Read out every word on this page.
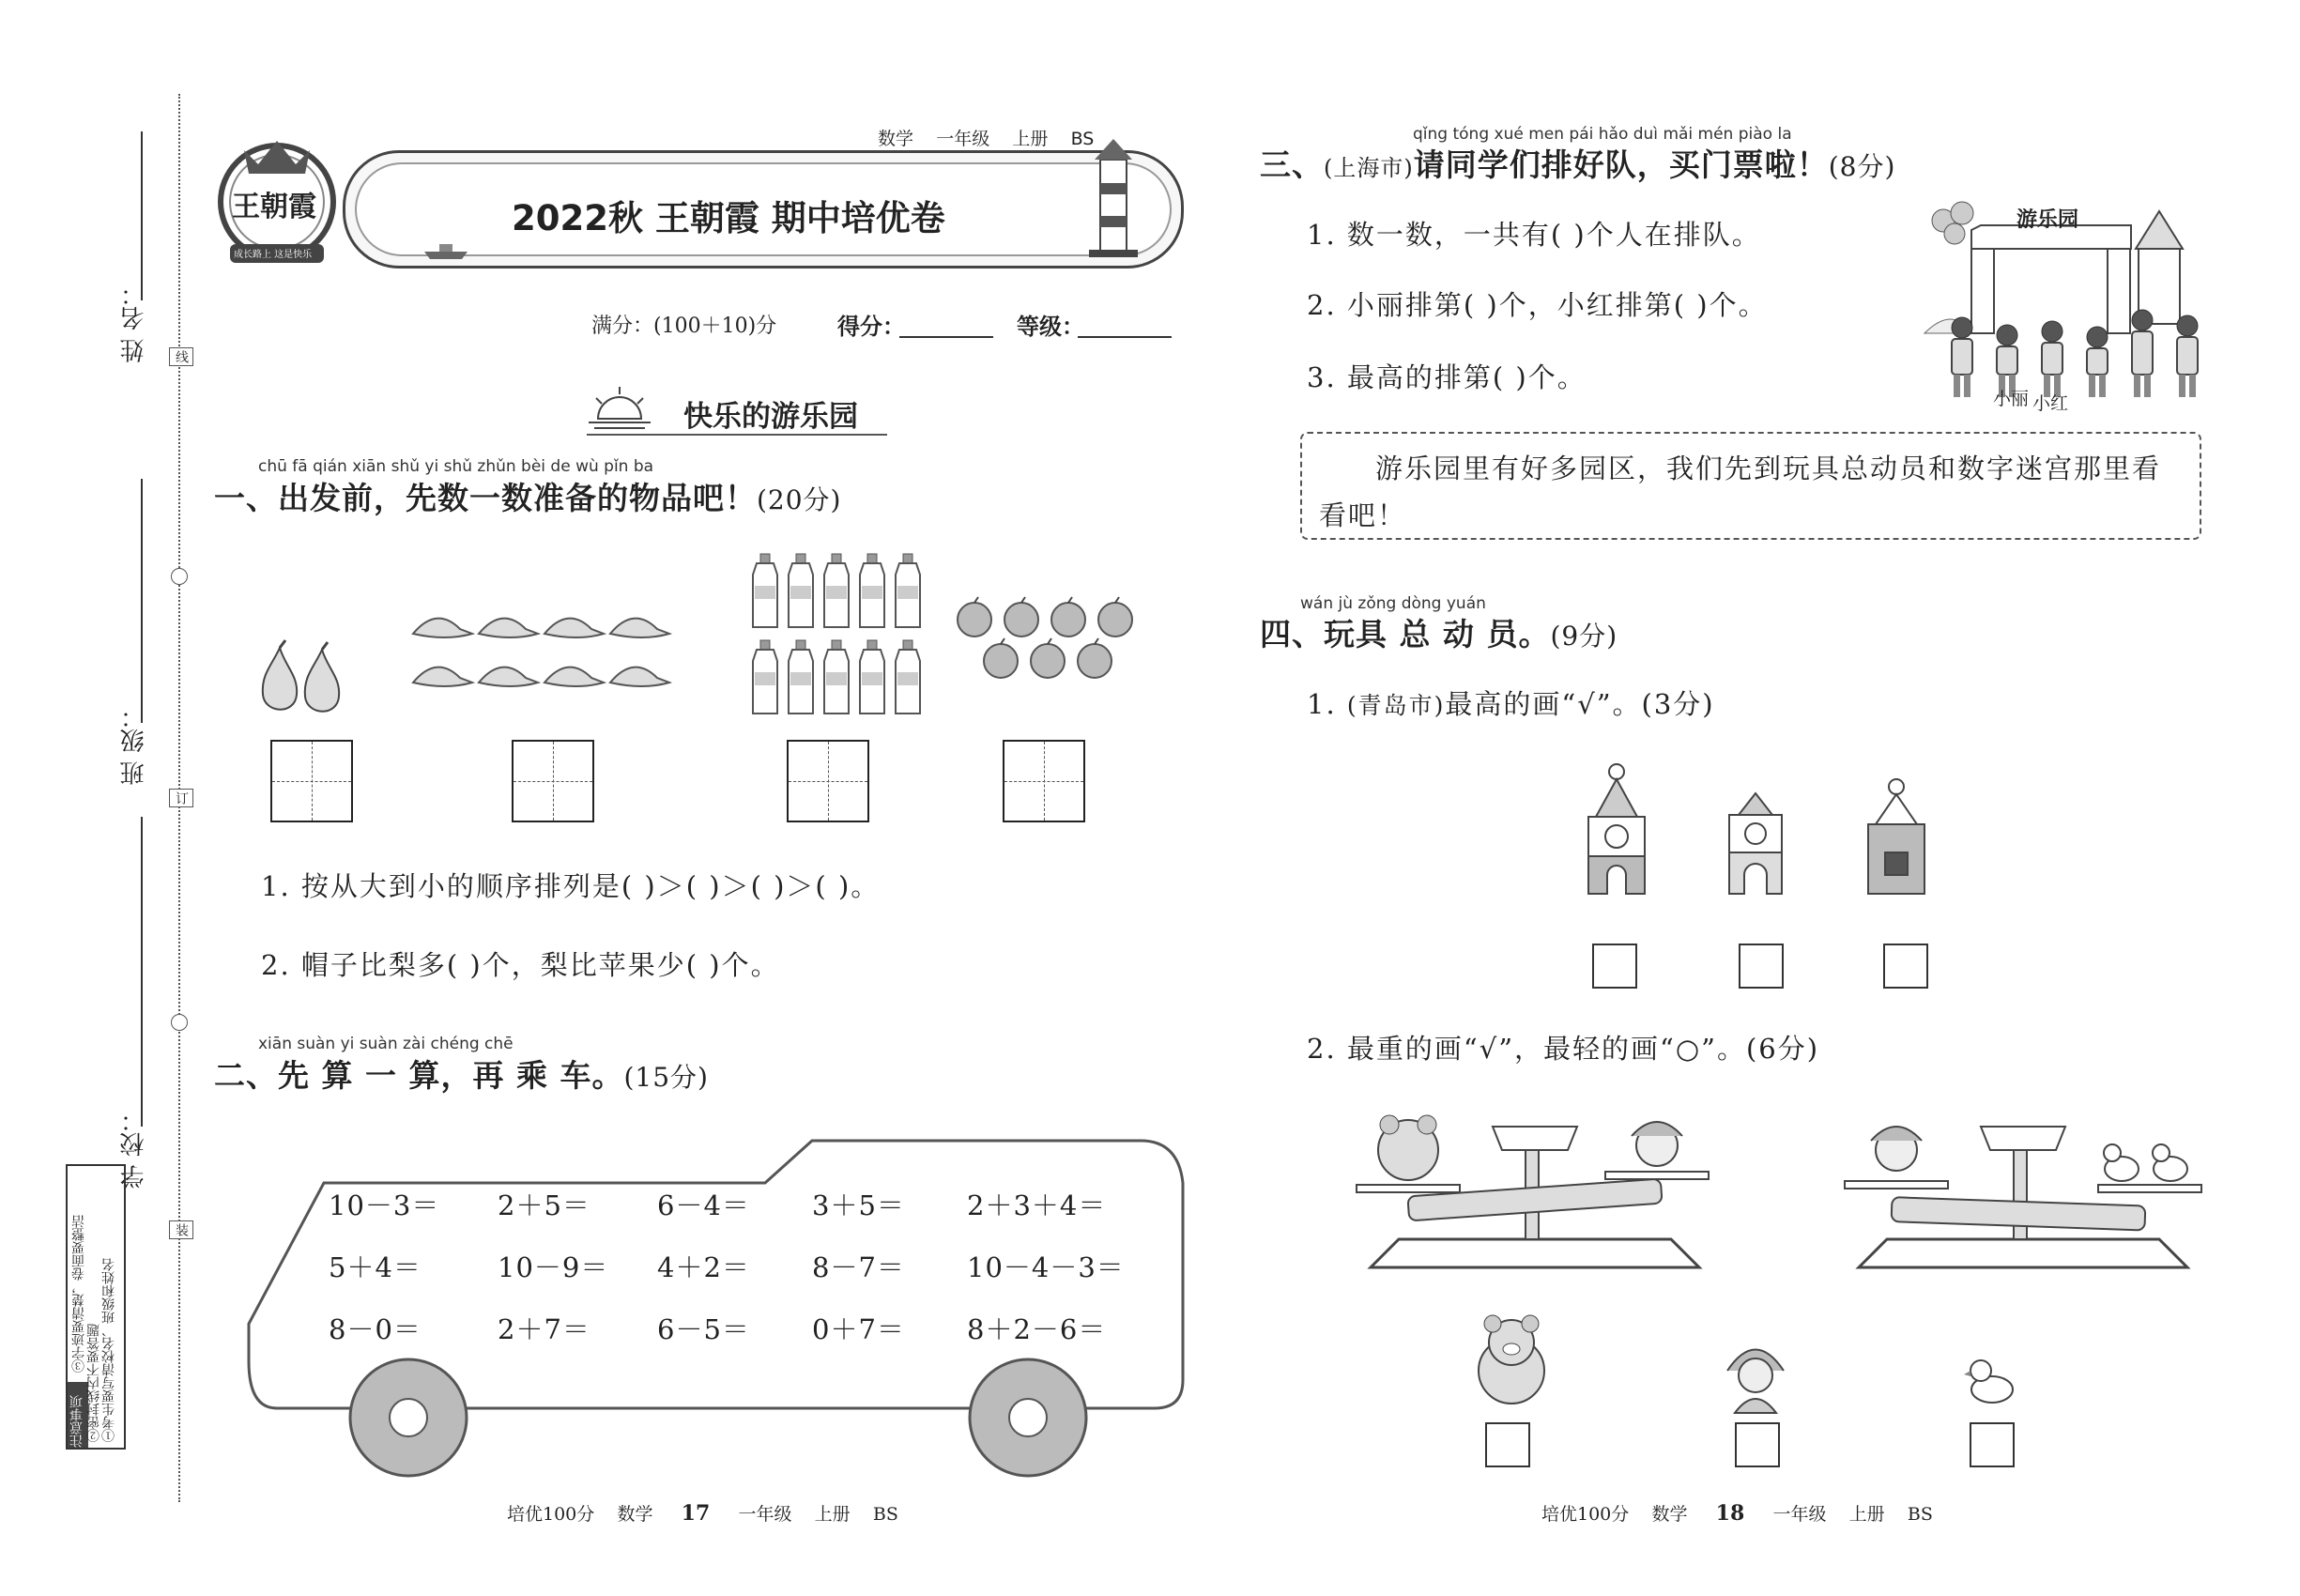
姓 名：
班 级：
学 校：
线
订
装
注意事项 ①考生要写清校名、班级和姓名
②密封线内不要答题
③字迹要清楚，卷面要整洁
王朝霞
成长路上 这是快乐
数学 一年级 上册 BS
2022秋 王朝霞 期中培优卷
满分：(100＋10)分	得分：	等级：
快乐的游乐园
chū fā qián xiān shǔ yi shǔ zhǔn bèi de wù pǐn ba
一、出发前，先数一数准备的物品吧！(20分)
1. 按从大到小的顺序排列是( )＞( )＞( )＞( )。
2. 帽子比梨多( )个，梨比苹果少( )个。
xiān suàn yi suàn zài chéng chē
二、先 算 一 算，再 乘 车。(15分)
10－3＝ 2＋5＝ 6－4＝ 3＋5＝ 2＋3＋4＝
5＋4＝	10－9＝ 4＋2＝ 8－7＝ 10－4－3＝
8－0＝	2＋7＝ 6－5＝ 0＋7＝ 8＋2－6＝
培优100分 数学 17 一年级 上册 BS
qǐng tóng xué men pái hǎo duì mǎi mén piào la
三、(上海市)请同学们排好队，买门票啦！(8分)
1. 数一数，一共有( )个人在排队。
2. 小丽排第( )个，小红排第( )个。
3. 最高的排第( )个。
游乐园
小丽 小红
游乐园里有好多园区，我们先到玩具总动员和数字迷宫那里看看吧！
wán jù zǒng dòng yuán
四、玩具 总 动 员。(9分)
1. (青岛市)最高的画“√”。(3分)
2. 最重的画“√”，最轻的画“○”。(6分)
培优100分 数学 18 一年级 上册 BS
